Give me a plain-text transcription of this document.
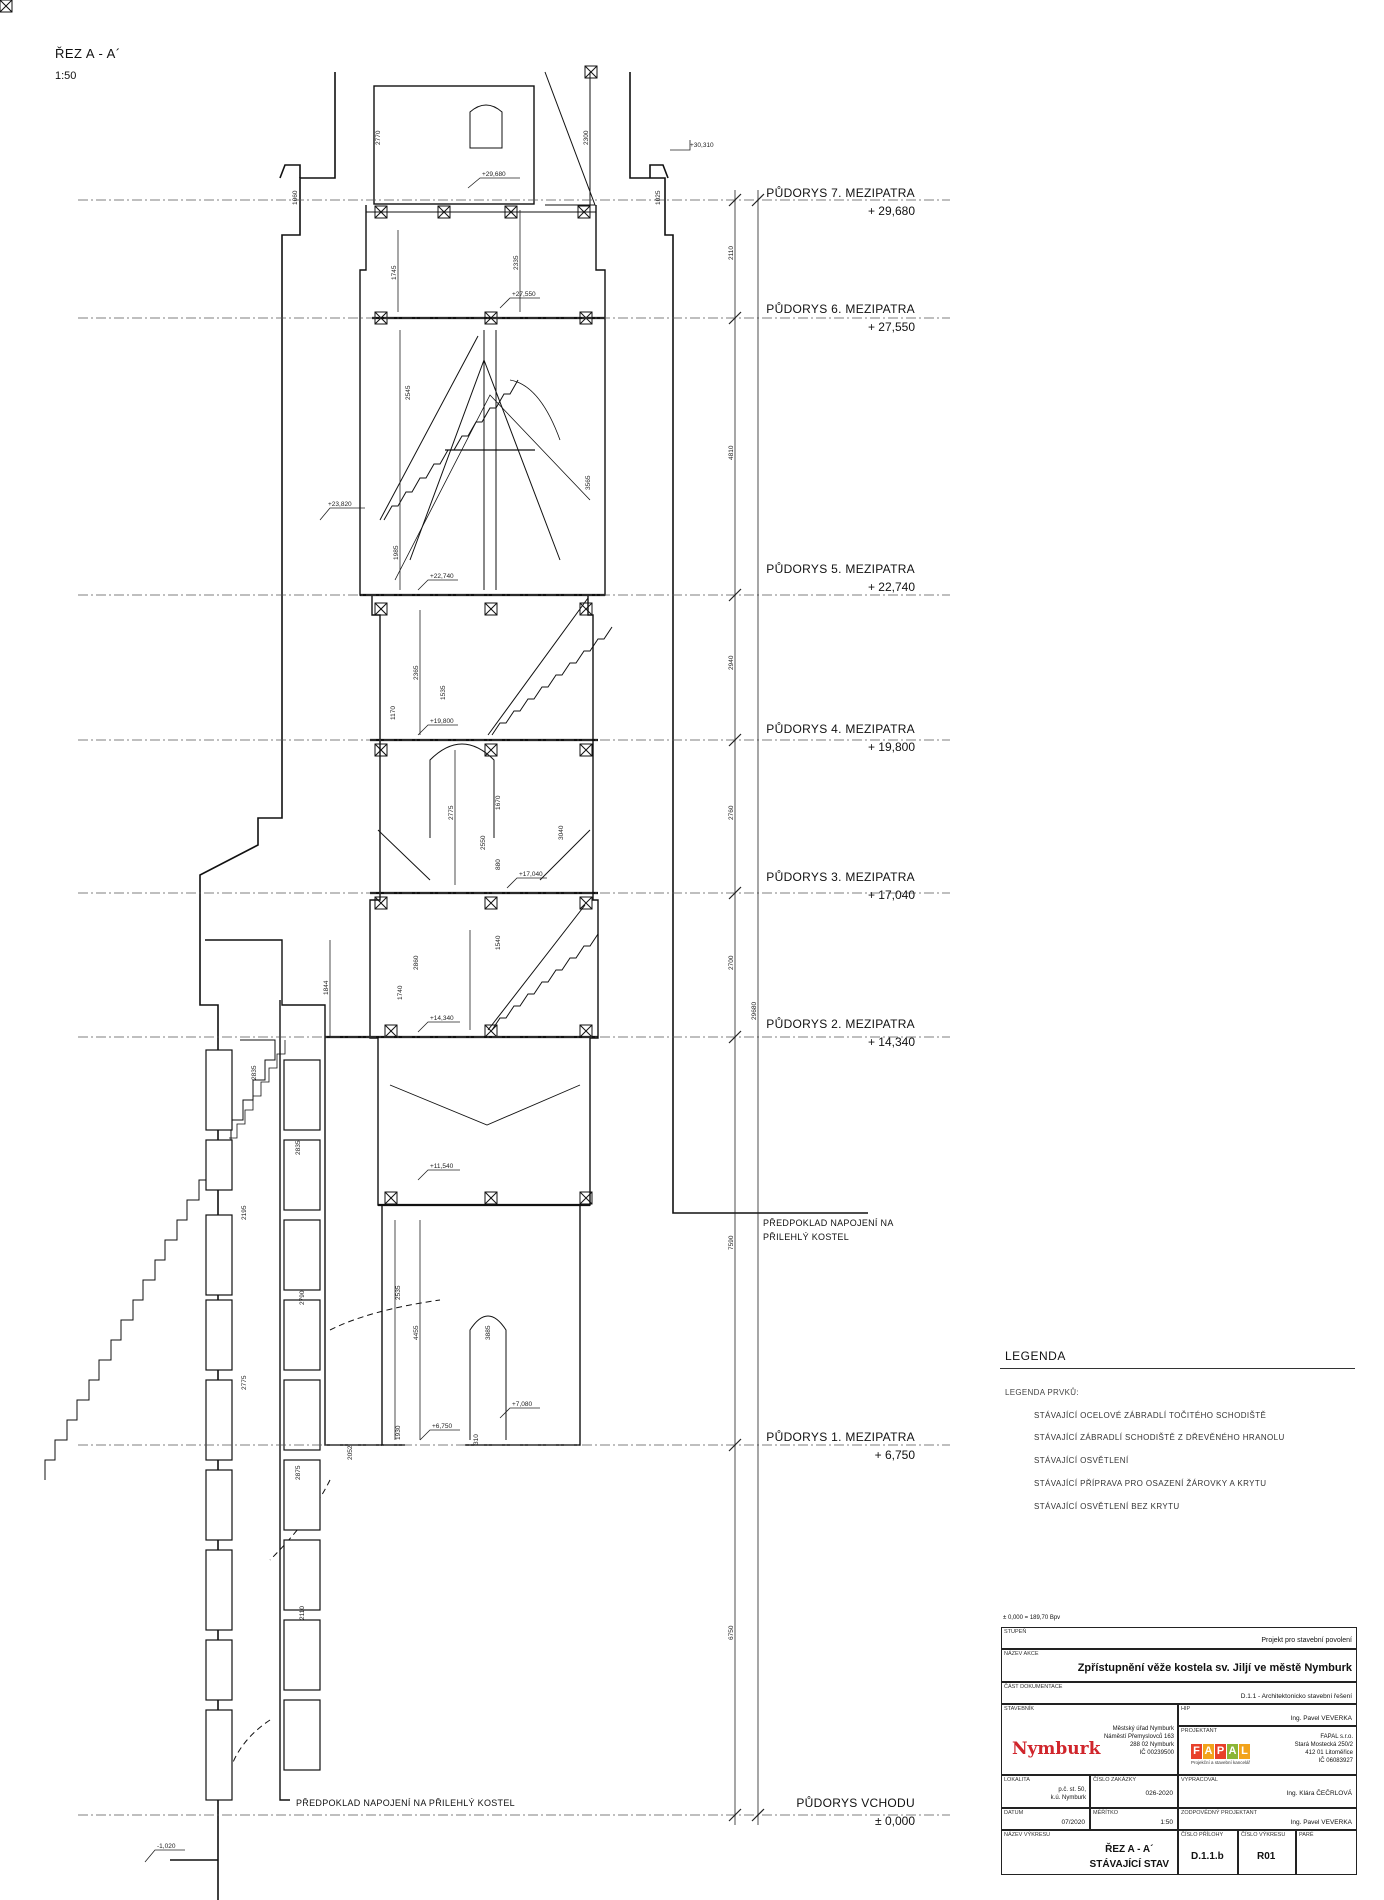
+30,310
+29,680
+27,550
+23,820
+22,740
+19,800
+17,040
+14,340
+11,540
+7,080
+6,750
-1,020
2110
4810
2940
2760
2700
7590
6750
29680
2770	2300
1060	1025
1745
2335
2545
1985
3565
2365
1535
1170
2775
1670
2550
3040
880
1540
1740
2860
1844
2835
2835
2195
2790
2775
2875
2110
2535
4455	3885
1930
2052
310
ŘEZ A - A´
1:50
PŮDORYS 7. MEZIPATRA
+ 29,680
PŮDORYS 6. MEZIPATRA
+ 27,550
PŮDORYS 5. MEZIPATRA
+ 22,740
PŮDORYS 4. MEZIPATRA
+ 19,800
PŮDORYS 3. MEZIPATRA
+ 17,040
PŮDORYS 2. MEZIPATRA
+ 14,340
PŮDORYS 1. MEZIPATRA
+ 6,750
PŮDORYS VCHODU
± 0,000
PŘEDPOKLAD NAPOJENÍ NA
PŘILEHLÝ KOSTEL
PŘEDPOKLAD NAPOJENÍ NA PŘILEHLÝ KOSTEL
LEGENDA
LEGENDA PRVKŮ:
STÁVAJÍCÍ OCELOVÉ ZÁBRADLÍ TOČITÉHO SCHODIŠTĚ
STÁVAJÍCÍ ZÁBRADLÍ SCHODIŠTĚ Z DŘEVĚNÉHO HRANOLU
STÁVAJÍCÍ OSVĚTLENÍ
STÁVAJÍCÍ PŘÍPRAVA PRO OSAZENÍ ŽÁROVKY A KRYTU
STÁVAJÍCÍ OSVĚTLENÍ BEZ KRYTU
± 0,000 = 189,70 Bpv
STUPEŇ
Projekt pro stavební povolení
NÁZEV AKCE
Zpřístupnění věže kostela sv. Jiljí ve městě Nymburk
ČÁST DOKUMENTACE
D.1.1 - Architektonicko stavební řešení
STAVEBNÍK
Nymburk
Městský úřad Nymburk
Náměstí Přemyslovců 163
288 02 Nymburk
IČ 00239500
HIP
Ing. Pavel VEVERKA
PROJEKTANT
F A P A L
Projekční a stavební kancelář
FAPAL s.r.o.
Stará Mostecká 250/2
412 01 Litoměřice
IČ 06083927
LOKALITA
p.č. st. 50,
k.ú. Nymburk
ČÍSLO ZAKÁZKY
026-2020
VYPRACOVAL
Ing. Klára ČEČRLOVÁ
DATUM
07/2020
MĚŘÍTKO
1:50
ZODPOVĚDNÝ PROJEKTANT
Ing. Pavel VEVERKA
NÁZEV VÝKRESU
ŘEZ A - A´
STÁVAJÍCÍ STAV
ČÍSLO PŘÍLOHY
D.1.1.b
ČÍSLO VÝKRESU
R01
PARÉ
